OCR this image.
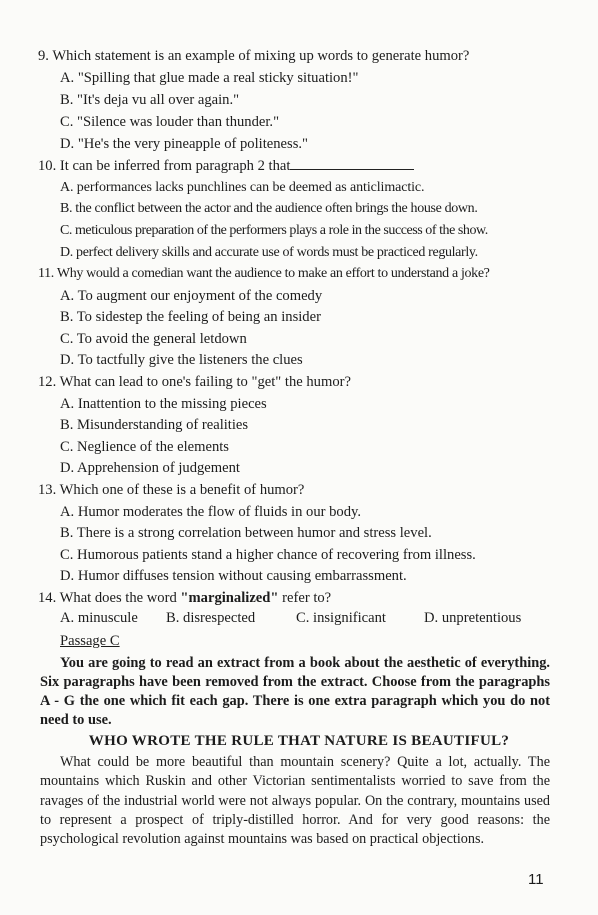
9. Which statement is an example of mixing up words to generate humor?
A. "Spilling that glue made a real sticky situation!"
B. "It's deja vu all over again."
C. "Silence was louder than thunder."
D. "He's the very pineapple of politeness."
10. It can be inferred from paragraph 2 that
A. performances lacks punchlines can be deemed as anticlimactic.
B. the conflict between the actor and the audience often brings the house down.
C. meticulous preparation of the performers plays a role in the success of the show.
D. perfect delivery skills and accurate use of words must be practiced regularly.
11. Why would a comedian want the audience to make an effort to understand a joke?
A. To augment our enjoyment of the comedy
B. To sidestep the feeling of being an insider
C. To avoid the general letdown
D. To tactfully give the listeners the clues
12. What can lead to one's failing to "get" the humor?
A. Inattention to the missing pieces
B. Misunderstanding of realities
C. Neglience of the elements
D. Apprehension of judgement
13. Which one of these is a benefit of humor?
A. Humor moderates the flow of fluids in our body.
B. There is a strong correlation between humor and stress level.
C. Humorous patients stand a higher chance of recovering from illness.
D. Humor diffuses tension without causing embarrassment.
14. What does the word "marginalized" refer to?
A. minuscule B. disrespected	C. insignificant	D. unpretentious
Passage C
You are going to read an extract from a book about the aesthetic of everything. Six paragraphs have been removed from the extract. Choose from the paragraphs A - G the one which fit each gap. There is one extra paragraph which you do not need to use.
WHO WROTE THE RULE THAT NATURE IS BEAUTIFUL?
What could be more beautiful than mountain scenery? Quite a lot, actually. The mountains which Ruskin and other Victorian sentimentalists worried to save from the ravages of the industrial world were not always popular. On the contrary, mountains used to represent a prospect of triply-distilled horror. And for very good reasons: the psychological revolution against mountains was based on practical objections.
11
